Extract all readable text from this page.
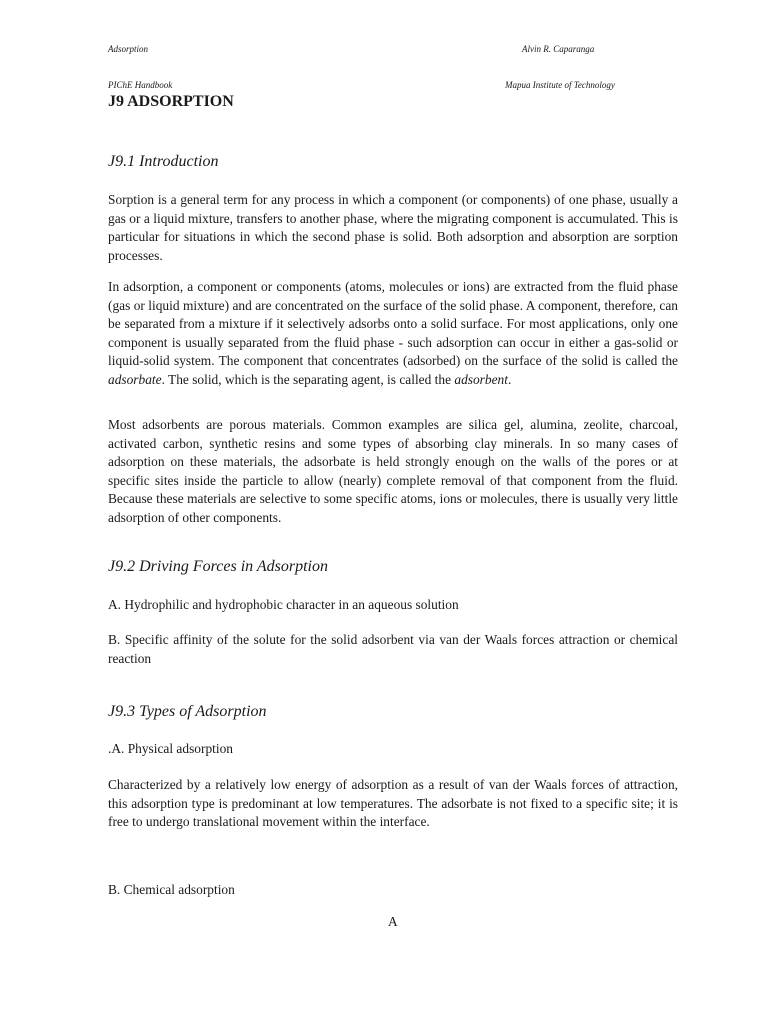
Adsorption	Alvin R. Caparanga
PIChE Handbook	Mapua Institute of Technology
J9 ADSORPTION
J9.1 Introduction
Sorption is a general term for any process in which a component (or components) of one phase, usually a gas or a liquid mixture, transfers to another phase, where the migrating component is accumulated. This is particular for situations in which the second phase is solid. Both adsorption and absorption are sorption processes.
In adsorption, a component or components (atoms, molecules or ions) are extracted from the fluid phase (gas or liquid mixture) and are concentrated on the surface of the solid phase. A component, therefore, can be separated from a mixture if it selectively adsorbs onto a solid surface. For most applications, only one component is usually separated from the fluid phase - such adsorption can occur in either a gas-solid or liquid-solid system. The component that concentrates (adsorbed) on the surface of the solid is called the adsorbate. The solid, which is the separating agent, is called the adsorbent.
Most adsorbents are porous materials. Common examples are silica gel, alumina, zeolite, charcoal, activated carbon, synthetic resins and some types of absorbing clay minerals. In so many cases of adsorption on these materials, the adsorbate is held strongly enough on the walls of the pores or at specific sites inside the particle to allow (nearly) complete removal of that component from the fluid. Because these materials are selective to some specific atoms, ions or molecules, there is usually very little adsorption of other components.
J9.2 Driving Forces in Adsorption
A. Hydrophilic and hydrophobic character in an aqueous solution
B. Specific affinity of the solute for the solid adsorbent via van der Waals forces attraction or chemical reaction
J9.3 Types of Adsorption
.A. Physical adsorption
Characterized by a relatively low energy of adsorption as a result of van der Waals forces of attraction, this adsorption type is predominant at low temperatures. The adsorbate is not fixed to a specific site; it is free to undergo translational movement within the interface.
B. Chemical adsorption
A
